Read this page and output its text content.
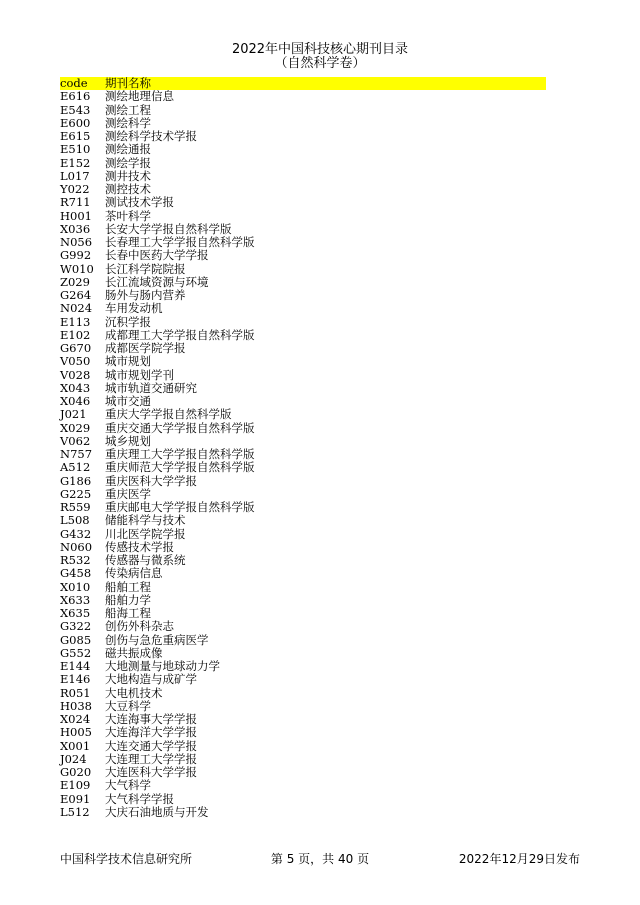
2022年中国科技核心期刊目录
（自然科学卷）
code 期刊名称
E616 测绘地理信息
E543 测绘工程
E600 测绘科学
E615 测绘科学技术学报
E510 测绘通报
E152 测绘学报
L017 测井技术
Y022 测控技术
R711 测试技术学报
H001 茶叶科学
X036 长安大学学报自然科学版
N056 长春理工大学学报自然科学版
G992 长春中医药大学学报
W010 长江科学院院报
Z029 长江流域资源与环境
G264 肠外与肠内营养
N024 车用发动机
E113 沉积学报
E102 成都理工大学学报自然科学版
G670 成都医学院学报
V050 城市规划
V028 城市规划学刊
X043 城市轨道交通研究
X046 城市交通
J021 重庆大学学报自然科学版
X029 重庆交通大学学报自然科学版
V062 城乡规划
N757 重庆理工大学学报自然科学版
A512 重庆师范大学学报自然科学版
G186 重庆医科大学学报
G225 重庆医学
R559 重庆邮电大学学报自然科学版
L508 储能科学与技术
G432 川北医学院学报
N060 传感技术学报
R532 传感器与微系统
G458 传染病信息
X010 船舶工程
X633 船舶力学
X635 船海工程
G322 创伤外科杂志
G085 创伤与急危重病医学
G552 磁共振成像
E144 大地测量与地球动力学
E146 大地构造与成矿学
R051 大电机技术
H038 大豆科学
X024 大连海事大学学报
H005 大连海洋大学学报
X001 大连交通大学学报
J024 大连理工大学学报
G020 大连医科大学学报
E109 大气科学
E091 大气科学学报
L512 大庆石油地质与开发
中国科学技术信息研究所	第 5 页，共 40 页	2022年12月29日发布
